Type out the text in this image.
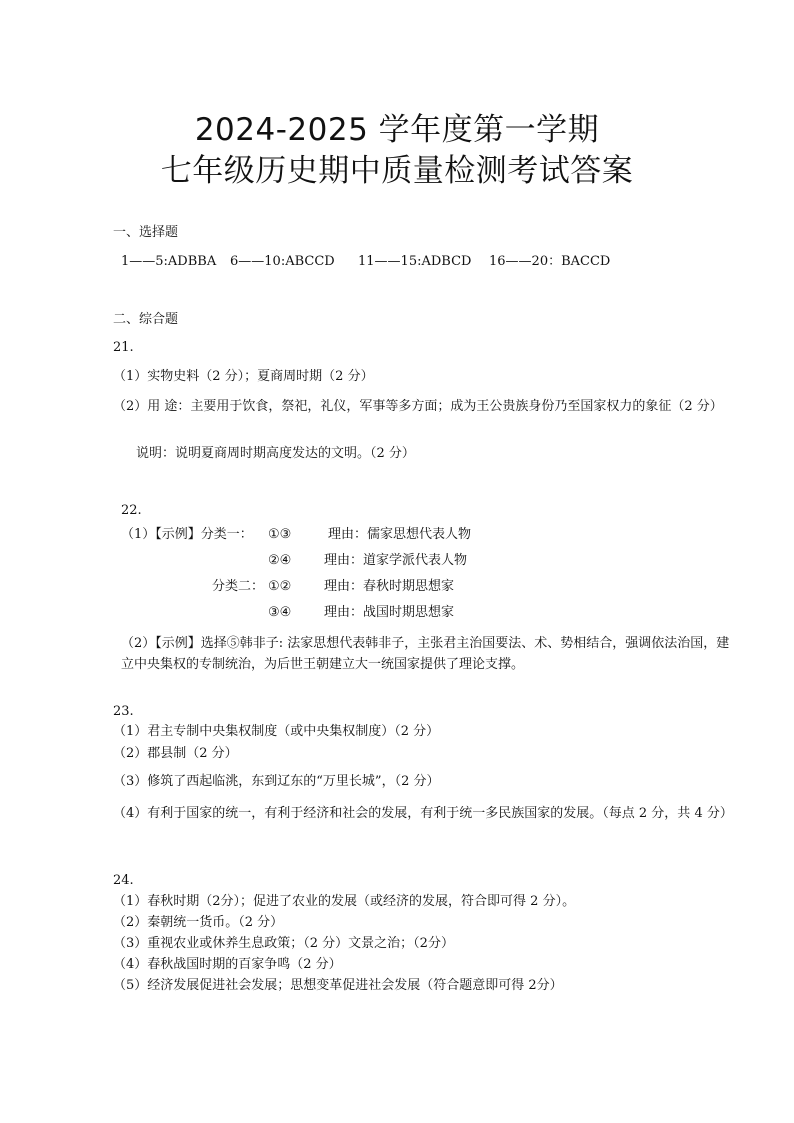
2024-2025 学年度第一学期
七年级历史期中质量检测考试答案
一、选择题
1——5:ADBBA 6——10:ABCCD 11——15:ADBCD 16——20：BACCD
二、综合题
21.
（1）实物史料（2 分）；夏商周时期（2 分）
（2）用 途：主要用于饮食，祭祀，礼仪，军事等多方面；成为王公贵族身份乃至国家权力的象征（2 分）
说明：说明夏商周时期高度发达的文明。（2 分）
22.
（1）【示例】分类一： ①③	理由：儒家思想代表人物
②④	理由：道家学派代表人物
分类二： ①②	理由：春秋时期思想家
③④	理由：战国时期思想家
（2）【示例】选择⑤韩非子: 法家思想代表韩非子，主张君主治国要法、术、势相结合，强调依法治国，建立中央集权的专制统治，为后世王朝建立大一统国家提供了理论支撑。
23.
（1）君主专制中央集权制度（或中央集权制度）（2 分）
（2）郡县制（2 分）
（3）修筑了西起临洮，东到辽东的“万里长城”，（2 分）
（4）有利于国家的统一，有利于经济和社会的发展，有利于统一多民族国家的发展。（每点 2 分，共 4 分）
24.
（1）春秋时期（2分）；促进了农业的发展（或经济的发展，符合即可得 2 分）。
（2）秦朝统一货币。（2 分）
（3）重视农业或休养生息政策；（2 分）文景之治；（2分）
（4）春秋战国时期的百家争鸣（2 分）
（5）经济发展促进社会发展；思想变革促进社会发展（符合题意即可得 2分）
